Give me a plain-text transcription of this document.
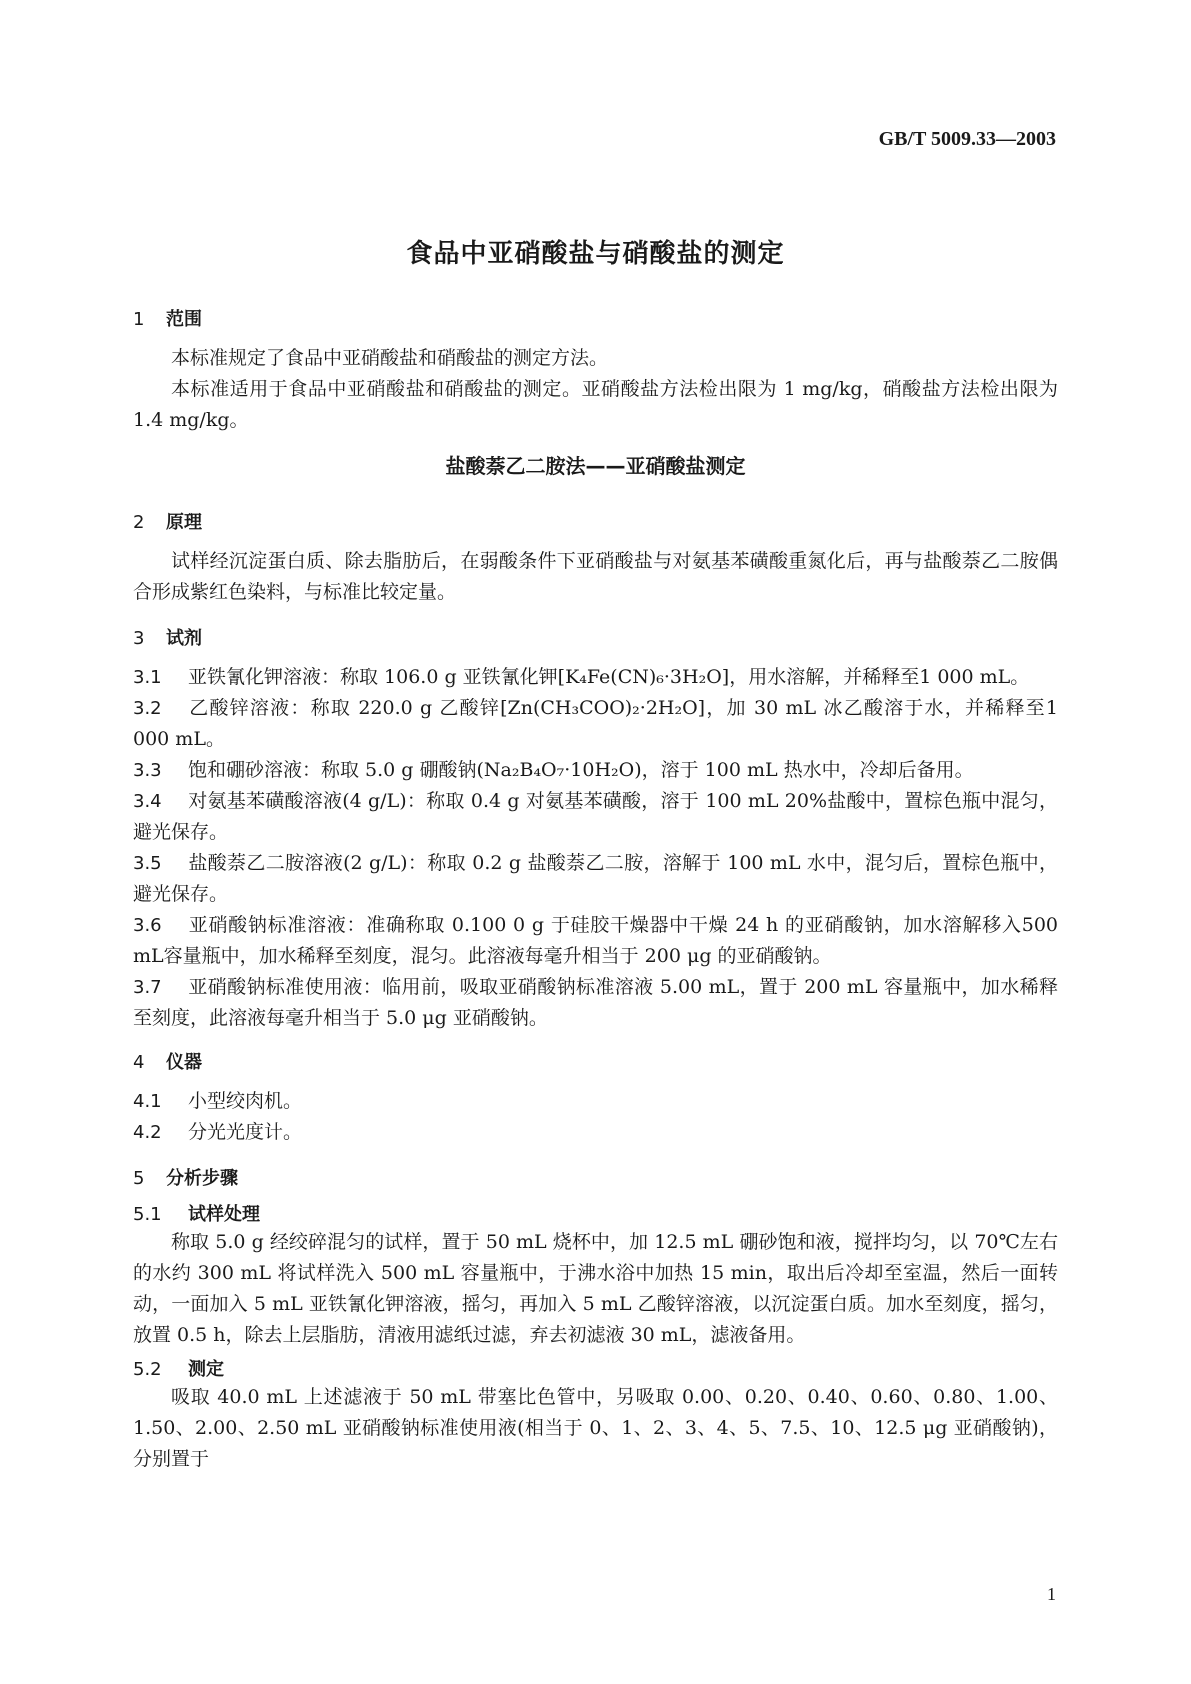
GB/T 5009.33—2003
食品中亚硝酸盐与硝酸盐的测定
1 范围
本标准规定了食品中亚硝酸盐和硝酸盐的测定方法。
本标准适用于食品中亚硝酸盐和硝酸盐的测定。亚硝酸盐方法检出限为 1 mg/kg，硝酸盐方法检出限为 1.4 mg/kg。
盐酸萘乙二胺法——亚硝酸盐测定
2 原理
试样经沉淀蛋白质、除去脂肪后，在弱酸条件下亚硝酸盐与对氨基苯磺酸重氮化后，再与盐酸萘乙二胺偶合形成紫红色染料，与标准比较定量。
3 试剂
3.1 亚铁氰化钾溶液：称取 106.0 g 亚铁氰化钾[K₄Fe(CN)₆·3H₂O]，用水溶解，并稀释至1 000 mL。
3.2 乙酸锌溶液：称取 220.0 g 乙酸锌[Zn(CH₃COO)₂·2H₂O]，加 30 mL 冰乙酸溶于水，并稀释至1 000 mL。
3.3 饱和硼砂溶液：称取 5.0 g 硼酸钠(Na₂B₄O₇·10H₂O)，溶于 100 mL 热水中，冷却后备用。
3.4 对氨基苯磺酸溶液(4 g/L)：称取 0.4 g 对氨基苯磺酸，溶于 100 mL 20%盐酸中，置棕色瓶中混匀，避光保存。
3.5 盐酸萘乙二胺溶液(2 g/L)：称取 0.2 g 盐酸萘乙二胺，溶解于 100 mL 水中，混匀后，置棕色瓶中，避光保存。
3.6 亚硝酸钠标准溶液：准确称取 0.100 0 g 于硅胶干燥器中干燥 24 h 的亚硝酸钠，加水溶解移入500 mL容量瓶中，加水稀释至刻度，混匀。此溶液每毫升相当于 200 μg 的亚硝酸钠。
3.7 亚硝酸钠标准使用液：临用前，吸取亚硝酸钠标准溶液 5.00 mL，置于 200 mL 容量瓶中，加水稀释至刻度，此溶液每毫升相当于 5.0 μg 亚硝酸钠。
4 仪器
4.1 小型绞肉机。
4.2 分光光度计。
5 分析步骤
5.1 试样处理
称取 5.0 g 经绞碎混匀的试样，置于 50 mL 烧杯中，加 12.5 mL 硼砂饱和液，搅拌均匀，以 70℃左右的水约 300 mL 将试样洗入 500 mL 容量瓶中，于沸水浴中加热 15 min，取出后冷却至室温，然后一面转动，一面加入 5 mL 亚铁氰化钾溶液，摇匀，再加入 5 mL 乙酸锌溶液，以沉淀蛋白质。加水至刻度，摇匀，放置 0.5 h，除去上层脂肪，清液用滤纸过滤，弃去初滤液 30 mL，滤液备用。
5.2 测定
吸取 40.0 mL 上述滤液于 50 mL 带塞比色管中，另吸取 0.00、0.20、0.40、0.60、0.80、1.00、1.50、2.00、2.50 mL 亚硝酸钠标准使用液(相当于 0、1、2、3、4、5、7.5、10、12.5 μg 亚硝酸钠)，分别置于
1
